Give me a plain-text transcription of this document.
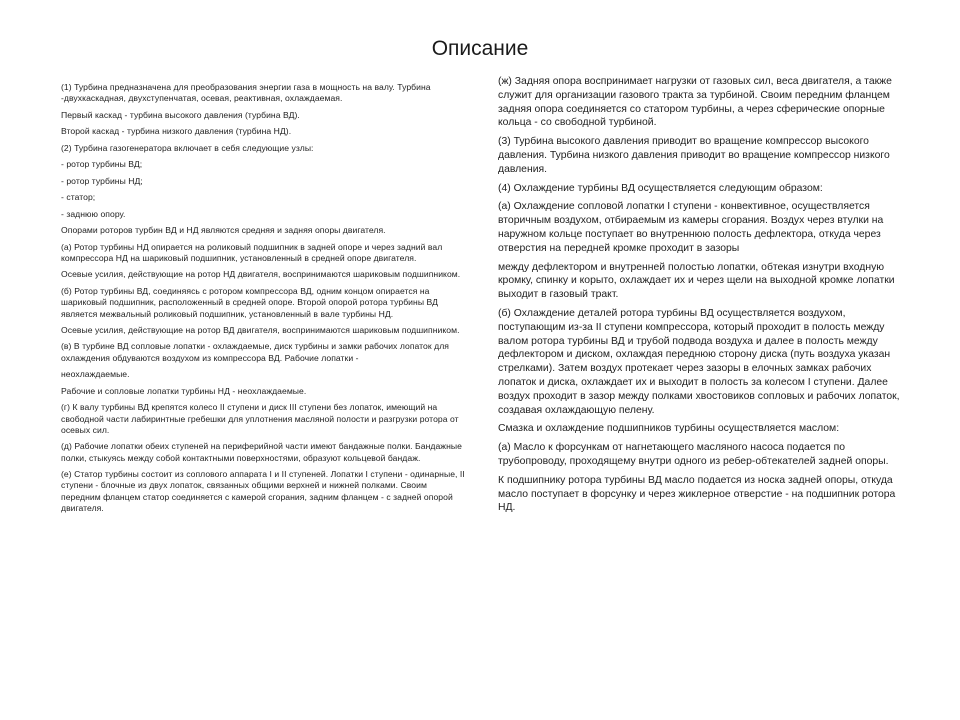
Описание

(1) Турбина предназначена для преобразования энергии газа в мощность на валу. Турбина -двухкаскадная, двухступенчатая, осевая, реактивная, охлаждаемая.

Первый каскад - турбина высокого давления (турбина ВД).

Второй каскад - турбина низкого давления (турбина НД).

(2) Турбина газогенератора включает в себя следующие узлы:

- ротор турбины ВД;

- ротор турбины НД;

- статор;

- заднюю опору.

Опорами роторов турбин ВД и НД являются средняя и задняя опоры двигателя.

(а) Ротор турбины НД опирается на роликовый подшипник в задней опоре и через задний вал компрессора НД на шариковый подшипник, установленный в средней опоре двигателя.

Осевые усилия, действующие на ротор НД двигателя, воспринимаются шариковым подшипником.

(б) Ротор турбины ВД, соединяясь с ротором компрессора ВД, одним концом опирается на шариковый подшипник, расположенный в средней опоре. Второй опорой ротора турбины ВД является межвальный роликовый подшипник, установленный в вале турбины НД.

Осевые усилия, действующие на ротор ВД двигателя, воспринимаются шариковым подшипником.

(в) В турбине ВД сопловые лопатки - охлаждаемые, диск турбины и замки рабочих лопаток для охлаждения обдуваются воздухом из компрессора ВД. Рабочие лопатки -

неохлаждаемые.

Рабочие и сопловые лопатки турбины НД - неохлаждаемые.

(г) К валу турбины ВД крепятся колесо II ступени и диск III ступени без лопаток, имеющий на свободной части лабиринтные гребешки для уплотнения масляной полости и разгрузки ротора от осевых сил.

(д) Рабочие лопатки обеих ступеней на периферийной части имеют бандажные полки. Бандажные полки, стыкуясь между собой контактными поверхностями, образуют кольцевой бандаж.

(е) Статор турбины состоит из соплового аппарата I и II ступеней. Лопатки I ступени - одинарные, II ступени - блочные из двух лопаток, связанных общими верхней и нижней полками. Своим передним фланцем статор соединяется с камерой сгорания, задним фланцем - с задней опорой двигателя.

(ж) Задняя опора воспринимает нагрузки от газовых сил, веса двигателя, а также служит для организации газового тракта за турбиной. Своим передним фланцем задняя опора соединяется со статором турбины, а через сферические опорные кольца - со свободной турбиной.

(3) Турбина высокого давления приводит во вращение компрессор высокого давления. Турбина низкого давления приводит во вращение компрессор низкого давления.

(4) Охлаждение турбины ВД осуществляется следующим образом:

(а) Охлаждение сопловой лопатки I ступени - конвективное, осуществляется вторичным воздухом, отбираемым из камеры сгорания. Воздух через втулки на наружном кольце поступает во внутреннюю полость дефлектора, откуда через отверстия на передней кромке проходит в зазоры

между дефлектором и внутренней полостью лопатки, обтекая изнутри входную кромку, спинку и корыто, охлаждает их и через щели на выходной кромке лопатки выходит в газовый тракт.

(б) Охлаждение деталей ротора турбины ВД осуществляется воздухом, поступающим из-за II ступени компрессора, который проходит в полость между валом ротора турбины ВД и трубой подвода воздуха и далее в полость между дефлектором и диском, охлаждая переднюю сторону диска (путь воздуха указан стрелками). Затем воздух протекает через зазоры в елочных замках рабочих лопаток и диска, охлаждает их и выходит в полость за колесом I ступени. Далее воздух проходит в зазор между полками хвостовиков сопловых и рабочих лопаток, создавая охлаждающую пелену.

Смазка и охлаждение подшипников турбины осуществляется маслом:

(а) Масло к форсункам от нагнетающего масляного насоса подается по трубопроводу, проходящему внутри одного из ребер-обтекателей задней опоры.

К подшипнику ротора турбины ВД масло подается из носка задней опоры, откуда масло поступает в форсунку и через жиклерное отверстие - на подшипник ротора НД.
